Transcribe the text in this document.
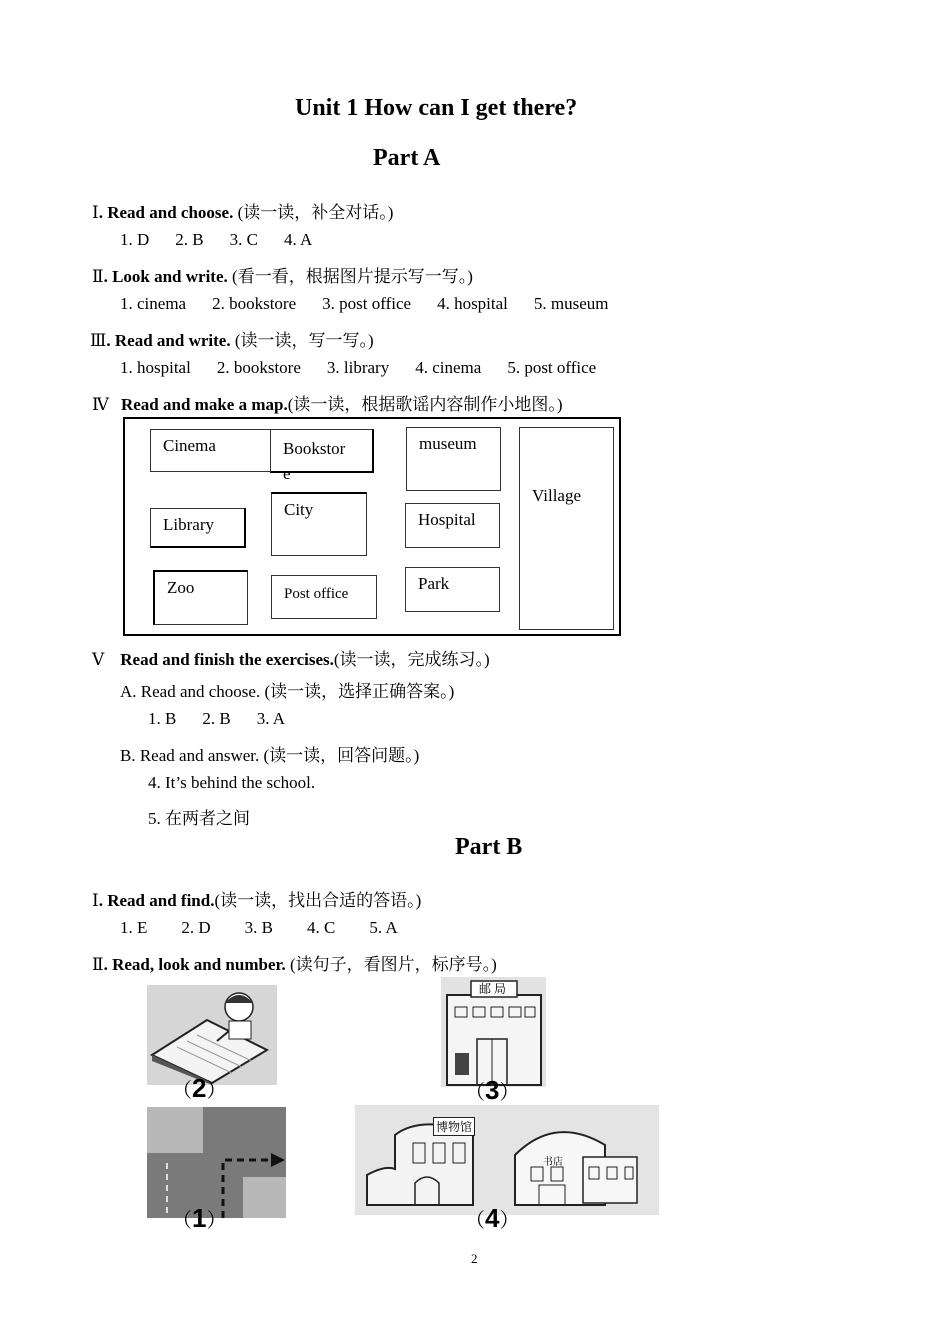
Unit 1 How can I get there?
Part A
Ⅰ. Read and choose. (读一读，补全对话。)
1. D 2. B 3. C 4. A
Ⅱ. Look and write. (看一看，根据图片提示写一写。)
1. cinema 2. bookstore 3. post office 4. hospital 5. museum
Ⅲ. Read and write. (读一读，写一写。)
1. hospital 2. bookstore 3. library 4. cinema 5. post office
Ⅳ Read and make a map.(读一读，根据歌谣内容制作小地图。)
Cinema	Bookstor
e
museum
Village
Library
City
Hospital
Zoo	Post office
Park
Ⅴ Read and finish the exercises.(读一读，完成练习。)
A. Read and choose. (读一读，选择正确答案。)
1. B 2. B 3. A
B. Read and answer. (读一读，回答问题。)
4. It’s behind the school.
5. 在两者之间
Part B
Ⅰ. Read and find.(读一读，找出合适的答语。)
1. E 2. D 3. B 4. C 5. A
Ⅱ. Read, look and number. (读句子，看图片，标序号。)
（2）
邮 局
（3）
（1）
博物馆
书店
（4）
2
